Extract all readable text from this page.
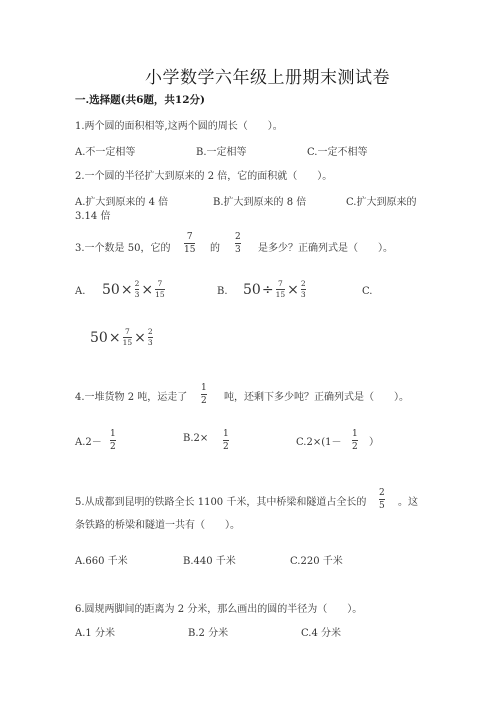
小学数学六年级上册期末测试卷
一.选择题(共6题，共12分)
1.两个圆的面积相等,这两个圆的周长（　　）。
A.不一定相等	B.一定相等	C.一定不相等
2.一个圆的半径扩大到原来的 2 倍，它的面积就（　　）。
A.扩大到原来的 4 倍	B.扩大到原来的 8 倍	C.扩大到原来的
3.14 倍
3.一个数是 50，它的
7
15 的
2
3 是多少？正确列式是（　　）。
A. $50 \times \frac{2}{3} \times \frac{7}{15}$	B. $50 \div \frac{7}{15} \times \frac{2}{3}$	C.
$50 \times \frac{7}{15} \times \frac{2}{3}$
4.一堆货物 2 吨，运走了
1
2 吨，还剩下多少吨？正确列式是（　　）。
A.2－
1
2
B.2× 1
2	C.2×(1－
1
2 ）
5.从成都到昆明的铁路全长 1100 千米，其中桥梁和隧道占全长的
2
5 。这
条铁路的桥梁和隧道一共有（　　）。
A.660 千米	B.440 千米	C.220 千米
6.圆规两脚间的距离为 2 分米，那么画出的圆的半径为（　　）。
A.1 分米	B.2 分米	C.4 分米
